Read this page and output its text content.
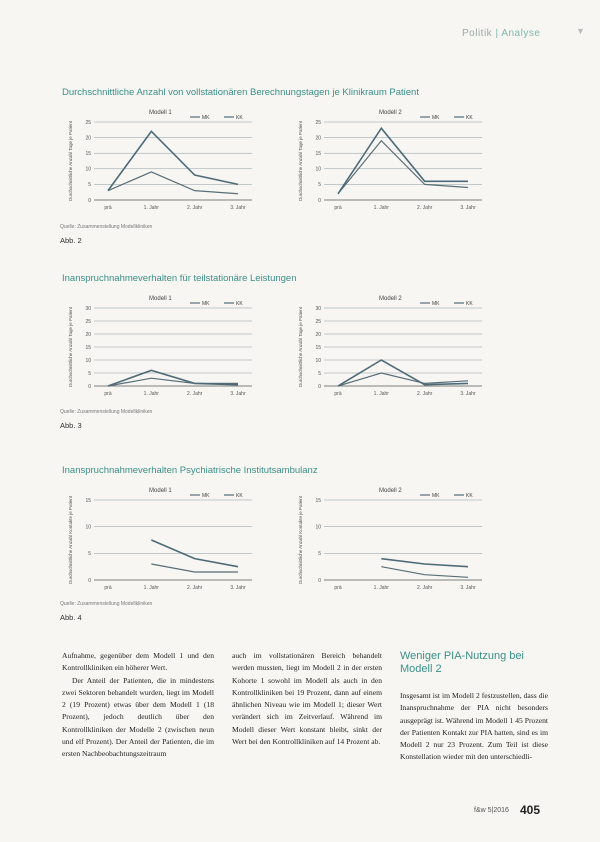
Politik | Analyse	▼
Durchschnittliche Anzahl von vollstationären Berechnungstagen je Klinikraum Patient
Modell 1
MK	KK
Durchschnittliche Anzahl Tage je Patient	0
5
10
15
20
25
prä	1. Jahr	2. Jahr	3. Jahr
Modell 2
MK	KK
Durchschnittliche Anzahl Tage je Patient	0
5
10
15
20
25
prä	1. Jahr	2. Jahr	3. Jahr
Quelle: Zusammenstellung Modellkliniken
Abb. 2
Inanspruchnahmeverhalten für teilstationäre Leistungen
Modell 1
MK	KK
Durchschnittliche Anzahl Tage je Patient	0
5
10
15
20
25
30
prä	1. Jahr	2. Jahr	3. Jahr
Modell 2
MK	KK
Durchschnittliche Anzahl Tage je Patient	0
5
10
15
20
25
30
prä	1. Jahr	2. Jahr	3. Jahr
Quelle: Zusammenstellung Modellkliniken
Abb. 3
Inanspruchnahmeverhalten Psychiatrische Institutsambulanz
Modell 1
MK	KK
Durchschnittliche Anzahl Kontakte je Patient	0
5
10
15
prä	1. Jahr	2. Jahr	3. Jahr
Modell 2
MK	KK
Durchschnittliche Anzahl Kontakte je Patient	0
5
10
15
prä	1. Jahr	2. Jahr	3. Jahr
Quelle: Zusammenstellung Modellkliniken
Abb. 4

Aufnahme, gegenüber dem Modell 1 und den Kontrollkliniken ein höherer Wert.

Der Anteil der Patienten, die in mindestens zwei Sektoren behandelt wurden, liegt im Modell 2 (19 Prozent) etwas über dem Modell 1 (18 Prozent), jedoch deutlich über den Kontrollkliniken der Modelle 2 (zwischen neun und elf Prozent). Der Anteil der Patienten, die im ersten Nachbeobachtungszeitraum

auch im vollstationären Bereich behandelt werden mussten, liegt im Modell 2 in der ersten Kohorte 1 sowohl im Modell als auch in den Kontrollkliniken bei 19 Prozent, dann auf einem ähnlichen Niveau wie im Modell 1; dieser Wert verändert sich im Zeitverlauf. Während im Modell dieser Wert konstant bleibt, sinkt der Wert bei den Kontrollkliniken auf 14 Prozent ab.

Weniger PIA-Nutzung bei Modell 2

Insgesamt ist im Modell 2 festzustellen, dass die Inanspruchnahme der PIA nicht besonders ausgeprägt ist. Während im Modell 1 45 Prozent der Patienten Kontakt zur PIA hatten, sind es im Modell 2 nur 23 Prozent. Zum Teil ist diese Konstellation wieder mit den unterschiedli-

f&w 5|2016 405
